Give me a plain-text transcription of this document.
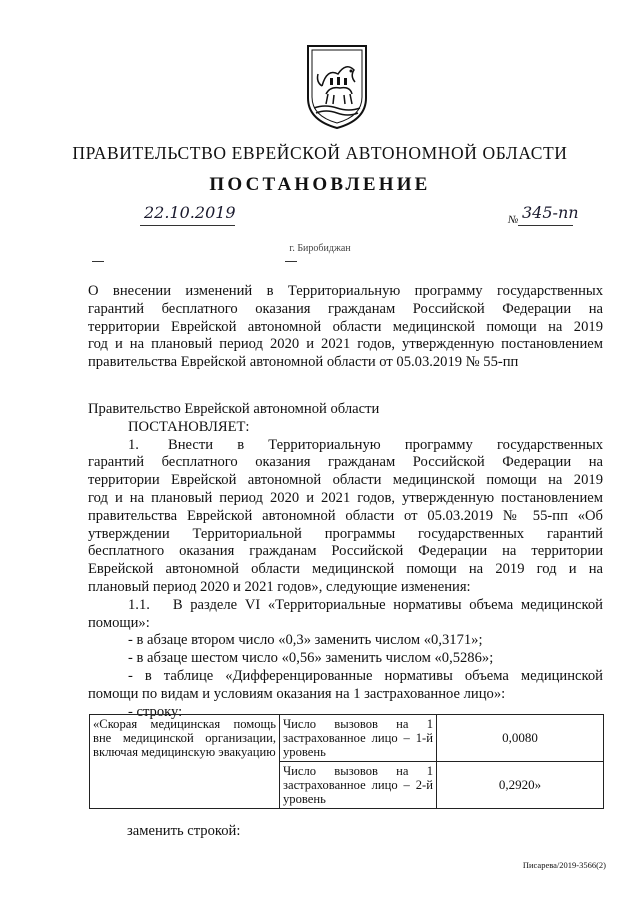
ПРАВИТЕЛЬСТВО ЕВРЕЙСКОЙ АВТОНОМНОЙ ОБЛАСТИ
ПОСТАНОВЛЕНИЕ
22.10.2019	№ 345-пп
г. Биробиджан

О внесении изменений в Территориальную программу государственных

гарантий бесплатного оказания гражданам Российской Федерации на

территории Еврейской автономной области медицинской помощи на 2019

год и на плановый период 2020 и 2021 годов, утвержденную постановлением

правительства Еврейской автономной области от 05.03.2019 № 55-пп

Правительство Еврейской автономной области

ПОСТАНОВЛЯЕТ:

1.      Внести     в     Территориальную     программу     государственных

гарантий бесплатного оказания гражданам Российской Федерации на

территории Еврейской автономной области медицинской помощи на 2019

год и на плановый период 2020 и 2021 годов, утвержденную постановлением

правительства Еврейской автономной области от 05.03.2019 № 55-пп «Об

утверждении Территориальной программы государственных гарантий

бесплатного оказания гражданам Российской Федерации на территории

Еврейской автономной области медицинской помощи на 2019 год и на

плановый период 2020 и 2021 годов», следующие изменения:

1.1.   В разделе VI «Территориальные нормативы объема медицинской

помощи»:

- в абзаце втором число «0,3» заменить числом «0,3171»;

- в абзаце шестом число «0,56» заменить числом «0,5286»;

- в таблице «Дифференцированные нормативы объема медицинской

помощи по видам и условиям оказания на 1 застрахованное лицо»:

- строку:

«Скорая медицинская помощь вне медицинской организации, включая медицинскую эвакуацию	Число вызовов на 1 застрахованное лицо – 1-й уровень	0,0080
	Число вызовов на 1 застрахованное лицо – 2-й уровень	0,2920»
заменить строкой:
Писарева/2019-3566(2)
